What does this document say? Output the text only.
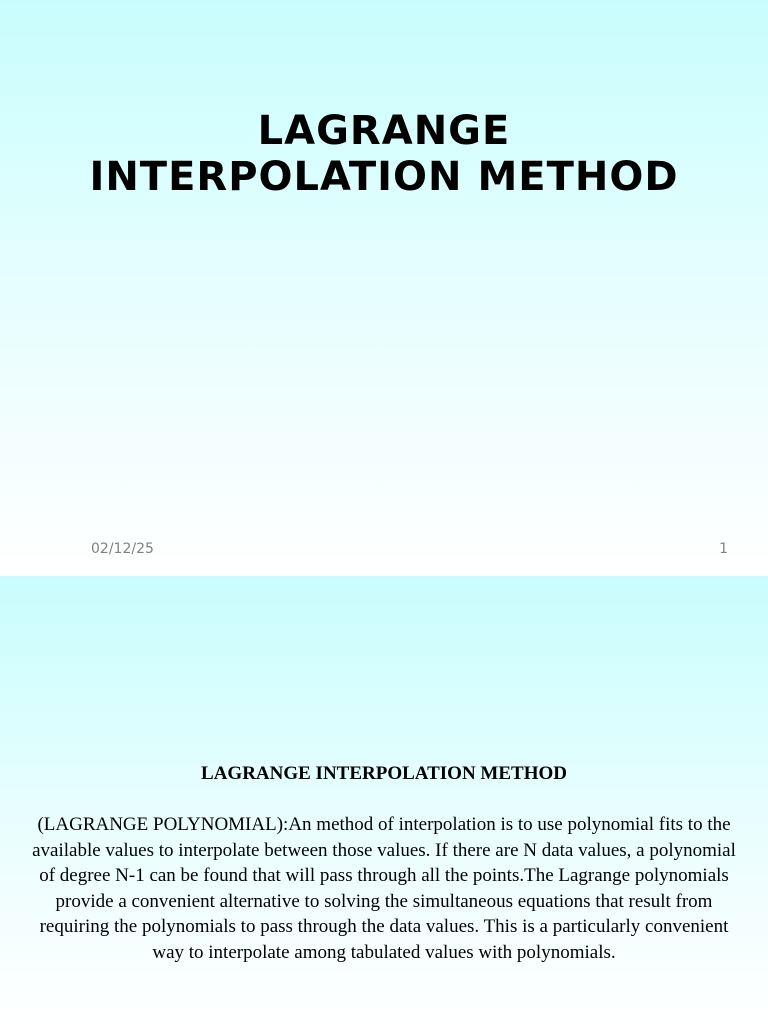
LAGRANGE
INTERPOLATION METHOD
02/12/25	1
LAGRANGE INTERPOLATION METHOD
(LAGRANGE POLYNOMIAL):An method of interpolation is to use polynomial fits to the available values to interpolate between those values. If there are N data values, a polynomial of degree N-1 can be found that will pass through all the points.The Lagrange polynomials provide a convenient alternative to solving the simultaneous equations that result from requiring the polynomials to pass through the data values. This is a particularly convenient way to interpolate among tabulated values with polynomials.
